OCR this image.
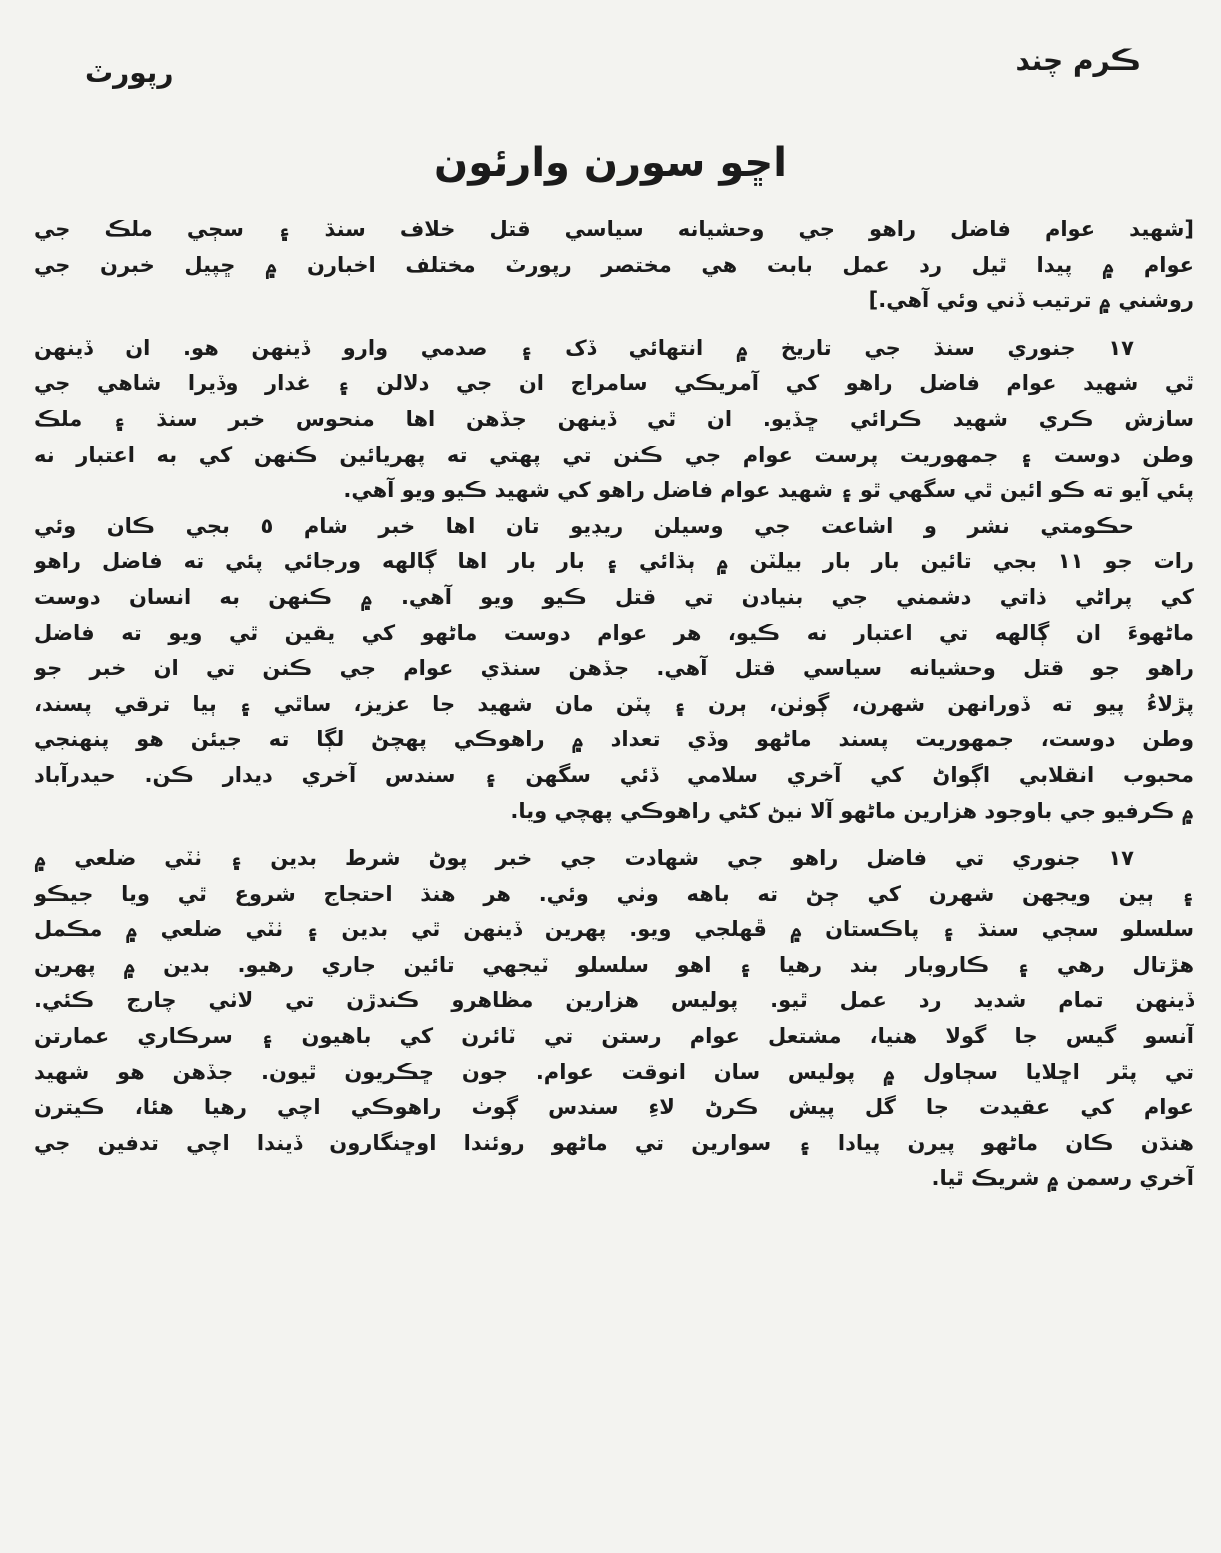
ڪرم چند
رپورٽ
اڇو سورن وارئون
[شهيد عوام فاضل راهو جي وحشيانه سياسي قتل خلاف سنڌ ۽ سڄي ملڪ جي
عوام ۾ پيدا ٿيل رد عمل بابت هي مختصر رپورٽ مختلف اخبارن ۾ ڇپيل خبرن جي
روشني ۾ ترتيب ڏني وئي آهي.]
١٧ جنوري سنڌ جي تاريخ ۾ انتهائي ڏک ۽ صدمي وارو ڏينهن هو. ان ڏينهن
ٿي شهيد عوام فاضل راهو کي آمريڪي سامراج ان جي دلالن ۽ غدار وڏيرا شاهي جي
سازش ڪري شهيد ڪرائي ڇڏيو. ان ٿي ڏينهن جڏهن اها منحوس خبر سنڌ ۽ ملڪ
وطن دوست ۽ جمهوريت پرست عوام جي ڪنن تي پهتي ته پهريائين ڪنهن کي به اعتبار نه
پئي آيو ته ڪو ائين ٿي سگهي ٿو ۽ شهيد عوام فاضل راهو کي شهيد ڪيو ويو آهي.
حڪومتي نشر و اشاعت جي وسيلن ريڊيو تان اها خبر شام ٥ بجي ڪان وئي
رات جو ١١ بجي تائين بار بار بيلٽن ۾ ٻڌائي ۽ بار بار اها ڳالهه ورجائي پئي ته فاضل راهو
کي پراڻي ذاتي دشمني جي بنيادن تي قتل ڪيو ويو آهي. ۾ ڪنهن به انسان دوست
ماڻهوءَ ان ڳالهه تي اعتبار نه ڪيو، هر عوام دوست ماڻهو کي يقين ٿي ويو ته فاضل
راهو جو قتل وحشيانه سياسي قتل آهي. جڏهن سنڌي عوام جي ڪنن تي ان خبر جو
پڙلاءُ پيو ته ڏورانهن شهرن، ڳوٺن، ٻرن ۽ پٽن مان شهيد جا عزيز، ساٿي ۽ ٻيا ترقي پسند،
وطن دوست، جمهوريت پسند ماڻهو وڏي تعداد ۾ راهوڪي پهچڻ لڳا ته جيئن هو پنهنجي
محبوب انقلابي اڳواڻ کي آخري سلامي ڏئي سگهن ۽ سندس آخري ديدار ڪن. حيدرآباد
۾ ڪرفيو جي باوجود هزارين ماڻهو آلا نيڻ کڻي راهوڪي پهچي ويا.
١٧ جنوري تي فاضل راهو جي شهادت جي خبر پوڻ شرط بدين ۽ ٺٽي ضلعي ۾
۽ ٻين ويجهن شهرن کي ڄڻ ته باهه وٺي وئي. هر هنڌ احتجاج شروع ٿي ويا جيڪو
سلسلو سڄي سنڌ ۽ پاڪستان ۾ ڦهلجي ويو. پهرين ڏينهن ٿي بدين ۽ ٺٽي ضلعي ۾ مڪمل
هڙتال رهي ۽ ڪاروبار بند رهيا ۽ اهو سلسلو ٽيجهي تائين جاري رهيو. بدين ۾ پهرين
ڏينهن تمام شديد رد عمل ٿيو. پوليس هزارين مظاهرو ڪندڙن تي لاٺي چارج ڪئي.
آنسو گيس جا گولا هنيا، مشتعل عوام رستن تي ٽائرن کي باهيون ۽ سرڪاري عمارتن
تي پٿر اڇلايا سڄاول ۾ پوليس سان انوقت عوام. جون ڇڪريون ٿيون. جڏهن هو شهيد
عوام کي عقيدت جا گل پيش ڪرڻ لاءِ سندس ڳوٺ راهوڪي اچي رهيا هئا، ڪيترن
هنڌن ڪان ماڻهو پيرن پيادا ۽ سوارين تي ماڻهو روئندا اوڇنگارون ڏيندا اچي تدفين جي
آخري رسمن ۾ شريڪ ٿيا.
